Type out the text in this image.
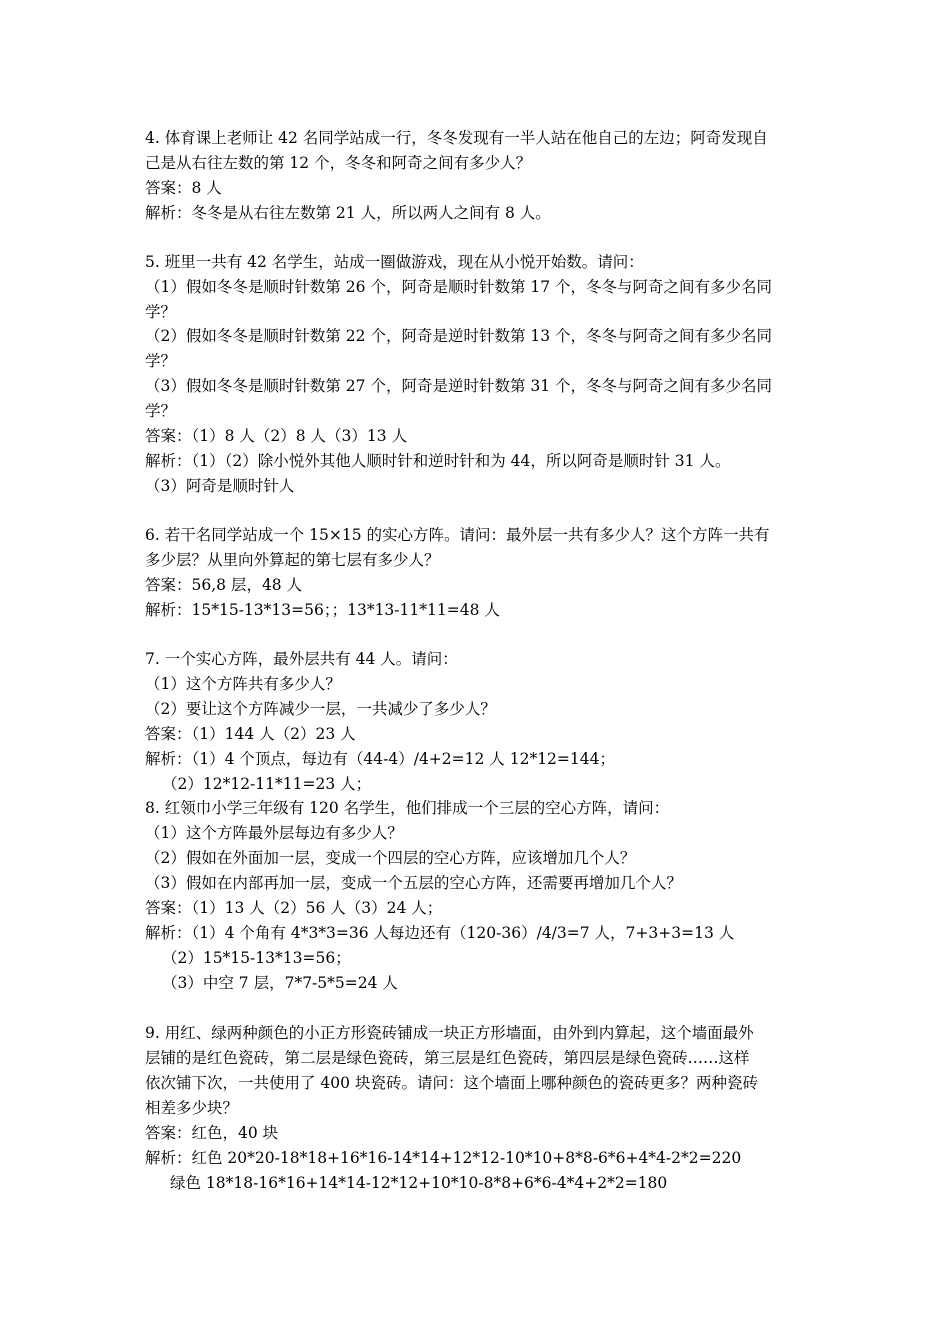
4. 体育课上老师让 42 名同学站成一行，冬冬发现有一半人站在他自己的左边；阿奇发现自
己是从右往左数的第 12 个，冬冬和阿奇之间有多少人？
答案：8 人
解析：冬冬是从右往左数第 21 人，所以两人之间有 8 人。
5. 班里一共有 42 名学生，站成一圈做游戏，现在从小悦开始数。请问：
（1）假如冬冬是顺时针数第 26 个，阿奇是顺时针数第 17 个，冬冬与阿奇之间有多少名同
学？
（2）假如冬冬是顺时针数第 22 个，阿奇是逆时针数第 13 个，冬冬与阿奇之间有多少名同
学？
（3）假如冬冬是顺时针数第 27 个，阿奇是逆时针数第 31 个，冬冬与阿奇之间有多少名同
学？
答案：（1）8 人（2）8 人（3）13 人
解析：（1）（2）除小悦外其他人顺时针和逆时针和为 44，所以阿奇是顺时针 31 人。
（3）阿奇是顺时针人
6. 若干名同学站成一个 15×15 的实心方阵。请问：最外层一共有多少人？这个方阵一共有
多少层？从里向外算起的第七层有多少人？
答案：56,8 层，48 人
解析：15*15-13*13=56；；13*13-11*11=48 人
7. 一个实心方阵，最外层共有 44 人。请问：
（1）这个方阵共有多少人？
（2）要让这个方阵减少一层，一共减少了多少人？
答案：（1）144 人（2）23 人
解析：（1）4 个顶点，每边有（44-4）/4+2=12 人 12*12=144；
（2）12*12-11*11=23 人；
8. 红领巾小学三年级有 120 名学生，他们排成一个三层的空心方阵，请问：
（1）这个方阵最外层每边有多少人？
（2）假如在外面加一层，变成一个四层的空心方阵，应该增加几个人？
（3）假如在内部再加一层，变成一个五层的空心方阵，还需要再增加几个人？
答案：（1）13 人（2）56 人（3）24 人；
解析：（1）4 个角有 4*3*3=36 人每边还有（120-36）/4/3=7 人，7+3+3=13 人
（2）15*15-13*13=56；
（3）中空 7 层，7*7-5*5=24 人
9. 用红、绿两种颜色的小正方形瓷砖铺成一块正方形墙面，由外到内算起，这个墙面最外
层铺的是红色瓷砖，第二层是绿色瓷砖，第三层是红色瓷砖，第四层是绿色瓷砖……这样
依次铺下次，一共使用了 400 块瓷砖。请问：这个墙面上哪种颜色的瓷砖更多？两种瓷砖
相差多少块？
答案：红色，40 块
解析：红色 20*20-18*18+16*16-14*14+12*12-10*10+8*8-6*6+4*4-2*2=220
绿色 18*18-16*16+14*14-12*12+10*10-8*8+6*6-4*4+2*2=180
